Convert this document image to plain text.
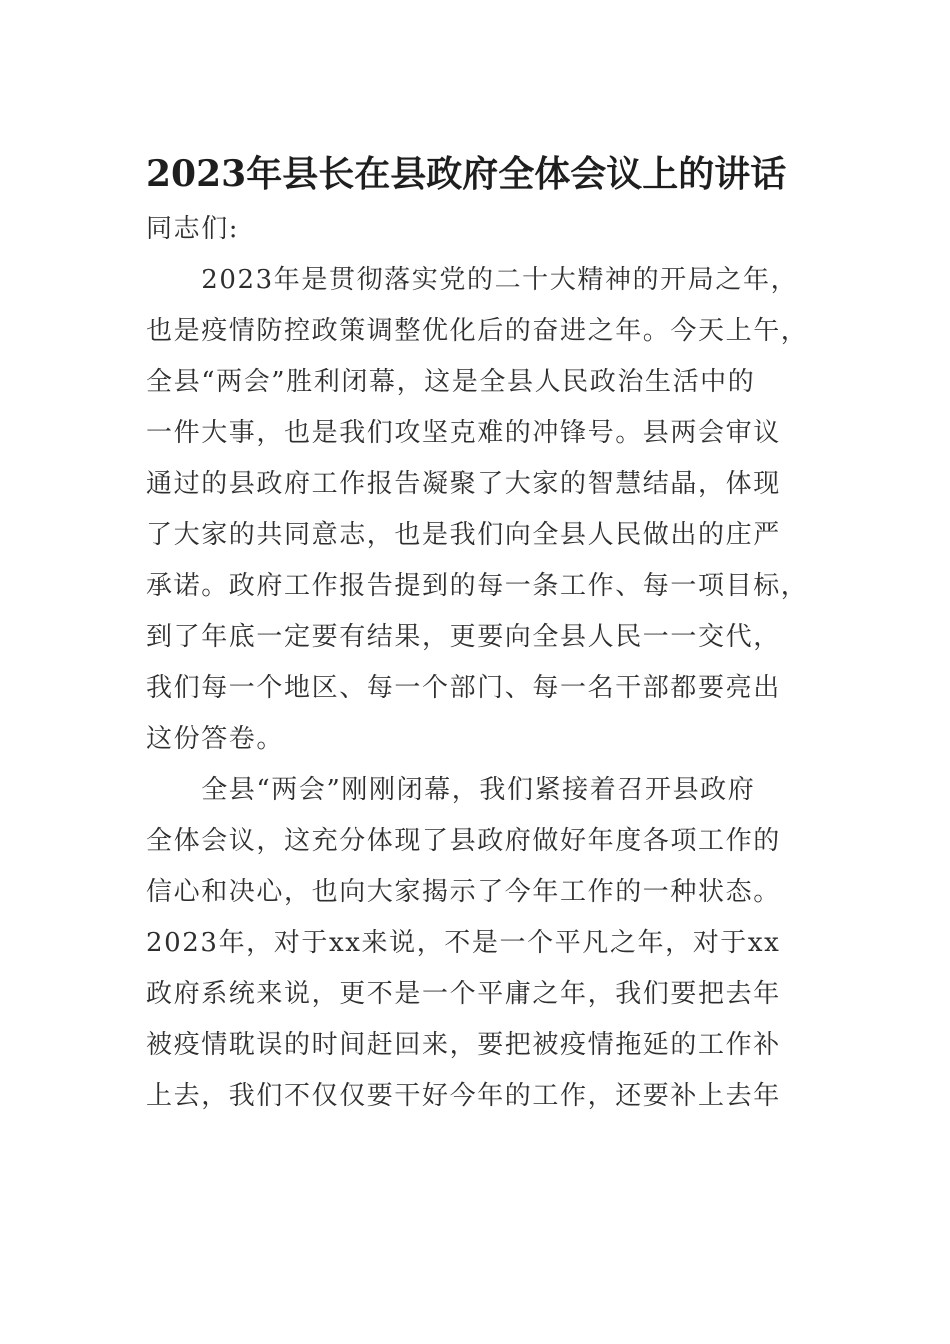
2023年县长在县政府全体会议上的讲话

同志们:

　　2023年是贯彻落实党的二十大精神的开局之年，
也是疫情防控政策调整优化后的奋进之年。今天上午，
全县“两会”胜利闭幕，这是全县人民政治生活中的
一件大事，也是我们攻坚克难的冲锋号。县两会审议
通过的县政府工作报告凝聚了大家的智慧结晶，体现
了大家的共同意志，也是我们向全县人民做出的庄严
承诺。政府工作报告提到的每一条工作、每一项目标，
到了年底一定要有结果，更要向全县人民一一交代，
我们每一个地区、每一个部门、每一名干部都要亮出
这份答卷。

　　全县“两会”刚刚闭幕，我们紧接着召开县政府
全体会议，这充分体现了县政府做好年度各项工作的
信心和决心，也向大家揭示了今年工作的一种状态。
2023年，对于xx来说，不是一个平凡之年，对于xx
政府系统来说，更不是一个平庸之年，我们要把去年
被疫情耽误的时间赶回来，要把被疫情拖延的工作补
上去，我们不仅仅要干好今年的工作，还要补上去年
